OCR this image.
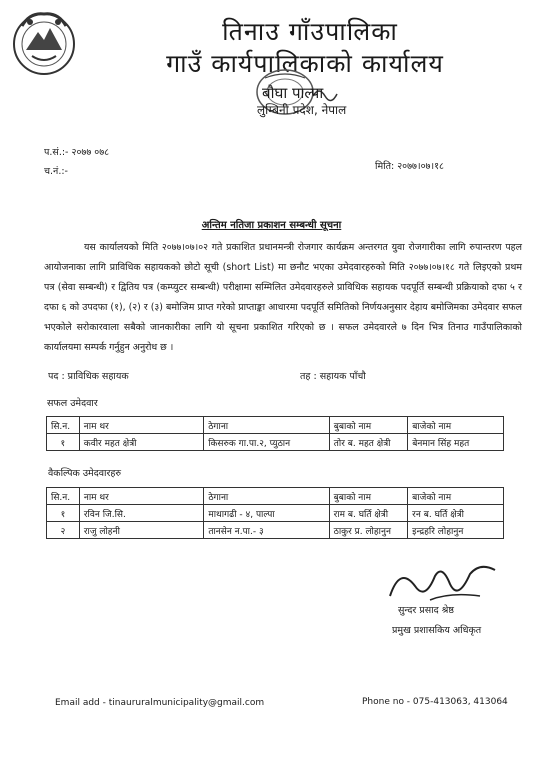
तिनाउ गाँउपालिका
गाउँ कार्यपालिकाको कार्यालय
बौघा पाल्पा
लुम्बिनी प्रदेश, नेपाल
प.सं.:- २०७७ ०७८
च.नं.:-	मिति: २०७७।०७।१८
अन्तिम नतिजा प्रकाशन सम्बन्धी सूचना

यस कार्यालयको मिति २०७७।०७।०२ गते प्रकाशित प्रधानमन्त्री रोजगार कार्यक्रम अन्तरगत युवा रोजगारीका लागि रुपान्तरण पहल आयोजनाका लागि प्राविधिक सहायकको छोटो सूची (short List) मा छनौट भएका उमेदवारहरुको मिति २०७७।०७।१८ गते लिइएको प्रथम पत्र (सेवा सम्बन्धी) र द्वितिय पत्र (कम्प्युटर सम्बन्धी) परीक्षामा सम्मिलित उमेदवारहरुले प्राविधिक सहायक पदपूर्ति सम्बन्धी प्रक्रियाको दफा ५ र दफा ६ को उपदफा (१), (२) र (३) बमोजिम प्राप्त गरेको प्राप्ताङ्का आधारमा पदपूर्ति समितिको निर्णयअनुसार देहाय बमोजिमका उमेदवार सफल भएकोले सरोकारवाला सबैको जानकारीका लागि यो सूचना प्रकाशित गरिएको छ । सफल उमेदवारले ७ दिन भित्र तिनाउ गाउँपालिकाको कार्यालयमा सम्पर्क गर्नुहुन अनुरोध छ ।

पद : प्राविधिक सहायक	तह : सहायक पाँचौ
सफल उमेदवार
सि.न.	नाम थर	ठेगाना	बुबाको नाम	बाजेको नाम
१	कवीर महत क्षेत्री	किसरुक गा.पा.२, प्युठान	तोर ब. महत क्षेत्री	बेनमान सिंह महत
वैकल्पिक उमेदवारहरु
सि.न.	नाम थर	ठेगाना	बुबाको नाम	बाजेको नाम
१	रविन जि.सि.	माथागढी - ४, पाल्पा	राम ब. घर्ति क्षेत्री	रन ब. घर्ति क्षेत्री
२	राजु लोहनी	तानसेन न.पा.- ३	ठाकुर प्र. लोहानुन	इन्द्रहरि लोहानुन
सुन्दर प्रसाद श्रेष्ठ
प्रमुख प्रशासकिय अधिकृत
Email add - tinaururalmunicipality@gmail.com	Phone no - 075-413063, 413064
